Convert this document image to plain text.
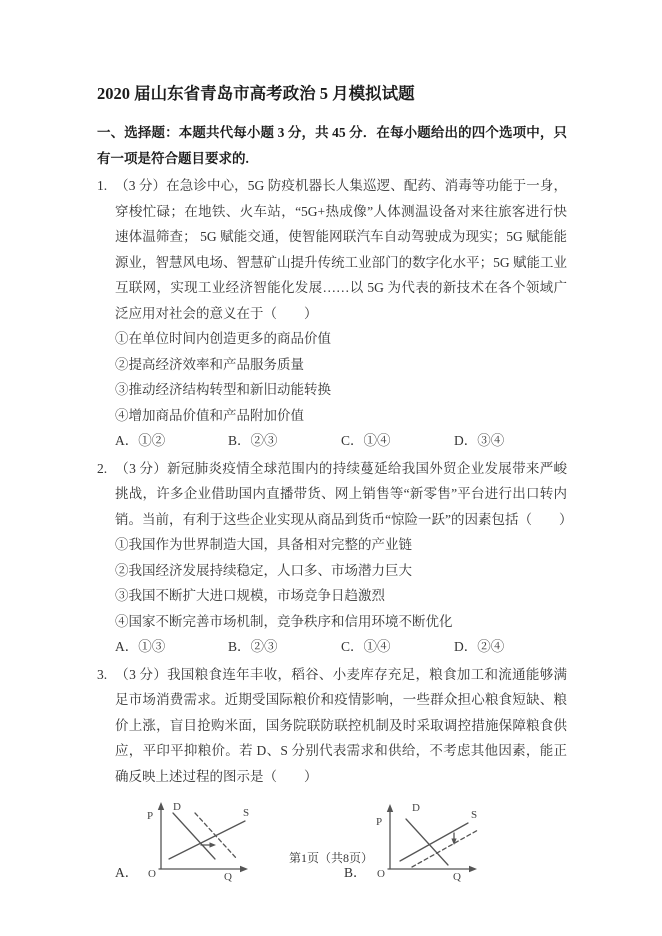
2020 届山东省青岛市高考政治 5 月模拟试题

一、选择题：本题共代每小题 3 分，共 45 分．在每小题给出的四个选项中，只有一项是符合题目要求的.

1. （3 分）在急诊中心，5G 防疫机器长人集巡逻、配药、消毒等功能于一身，穿梭忙碌；在地铁、火车站，“5G+热成像”人体测温设备对来往旅客进行快速体温筛查； 5G 赋能交通，使智能网联汽车自动驾驶成为现实；5G 赋能能源业，智慧风电场、智慧矿山提升传统工业部门的数字化水平；5G 赋能工业互联网，实现工业经济智能化发展……以 5G 为代表的新技术在各个领域广泛应用对社会的意义在于（　　）
①在单位时间内创造更多的商品价值
②提高经济效率和产品服务质量
③推动经济结构转型和新旧动能转换
④增加商品价值和产品附加价值
A．①②	B．②③	C．①④	D．③④
2. （3 分）新冠肺炎疫情全球范围内的持续蔓延给我国外贸企业发展带来严峻挑战，许多企业借助国内直播带货、网上销售等“新零售”平台进行出口转内销。当前，有利于这些企业实现从商品到货币“惊险一跃”的因素包括（　　）
①我国作为世界制造大国，具备相对完整的产业链
②我国经济发展持续稳定，人口多、市场潜力巨大
③我国不断扩大进口规模，市场竞争日趋激烈
④国家不断完善市场机制，竞争秩序和信用环境不断优化
A．①③	B．②③	C．①④	D．②④
3. （3 分）我国粮食连年丰收，稻谷、小麦库存充足，粮食加工和流通能够满足市场消费需求。近期受国际粮价和疫情影响，一些群众担心粮食短缺、粮价上涨，盲目抢购米面，国务院联防联控机制及时采取调控措施保障粮食供应，平印平抑粮价。若 D、S 分别代表需求和供给，不考虑其他因素，能正确反映上述过程的图示是（　　）
A．
P
D	S
O	Q	B．
P
D
S
O	Q
第1页（共8页）
